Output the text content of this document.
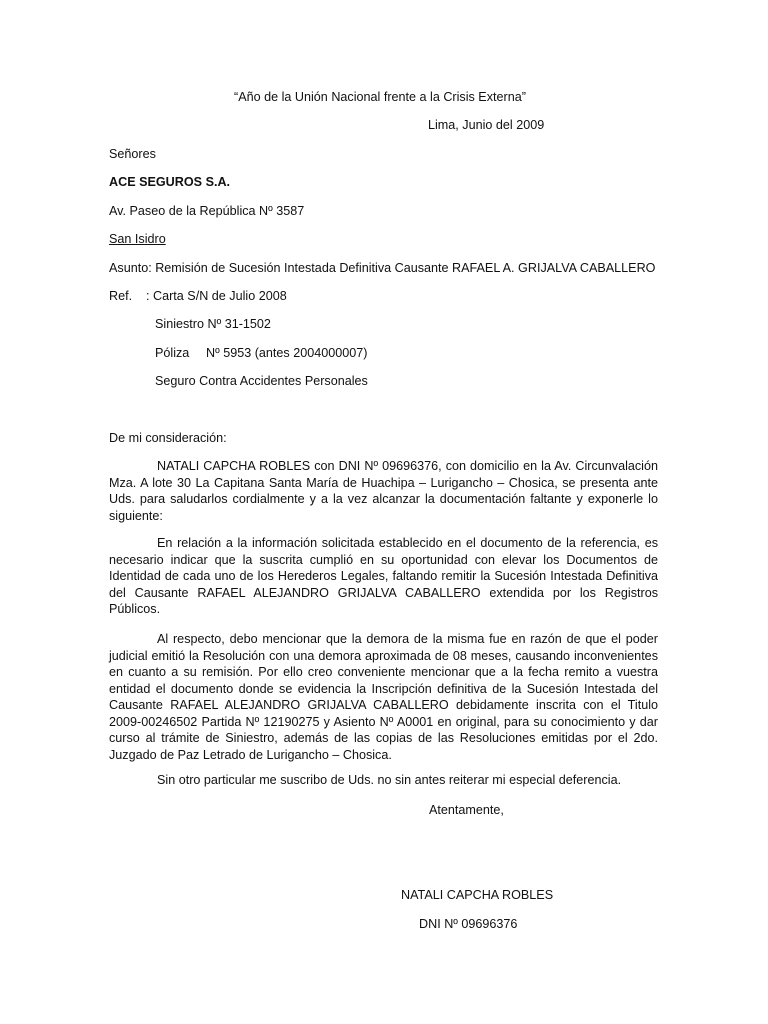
“Año de la Unión Nacional frente a la Crisis Externa”
Lima, Junio del 2009
Señores
ACE SEGUROS S.A.
Av. Paseo de la República Nº 3587
San Isidro
Asunto: Remisión de Sucesión Intestada Definitiva Causante RAFAEL A. GRIJALVA CABALLERO
Ref. : Carta S/N de Julio 2008
Siniestro Nº 31-1502
Póliza Nº 5953 (antes 2004000007)
Seguro Contra Accidentes Personales
De mi consideración:

NATALI CAPCHA ROBLES con DNI Nº 09696376, con domicilio en la Av. Circunvalación Mza. A lote 30 La Capitana Santa María de Huachipa – Lurigancho – Chosica, se presenta ante Uds. para saludarlos cordialmente y a la vez alcanzar la documentación faltante y exponerle lo siguiente:

En relación a la información solicitada establecido en el documento de la referencia, es necesario indicar que la suscrita cumplió en su oportunidad con elevar los Documentos de Identidad de cada uno de los Herederos Legales, faltando remitir la Sucesión Intestada Definitiva del Causante RAFAEL ALEJANDRO GRIJALVA CABALLERO extendida por los Registros Públicos.

Al respecto, debo mencionar que la demora de la misma fue en razón de que el poder judicial emitió la Resolución con una demora aproximada de 08 meses, causando inconvenientes en cuanto a su remisión. Por ello creo conveniente mencionar que a la fecha remito a vuestra entidad el documento donde se evidencia la Inscripción definitiva de la Sucesión Intestada del Causante RAFAEL ALEJANDRO GRIJALVA CABALLERO debidamente inscrita con el Titulo 2009-00246502 Partida Nº 12190275 y Asiento Nº A0001 en original, para su conocimiento y dar curso al trámite de Siniestro, además de las copias de las Resoluciones emitidas por el 2do. Juzgado de Paz Letrado de Lurigancho – Chosica.

Sin otro particular me suscribo de Uds. no sin antes reiterar mi especial deferencia.

Atentamente,
NATALI CAPCHA ROBLES
DNI Nº 09696376
